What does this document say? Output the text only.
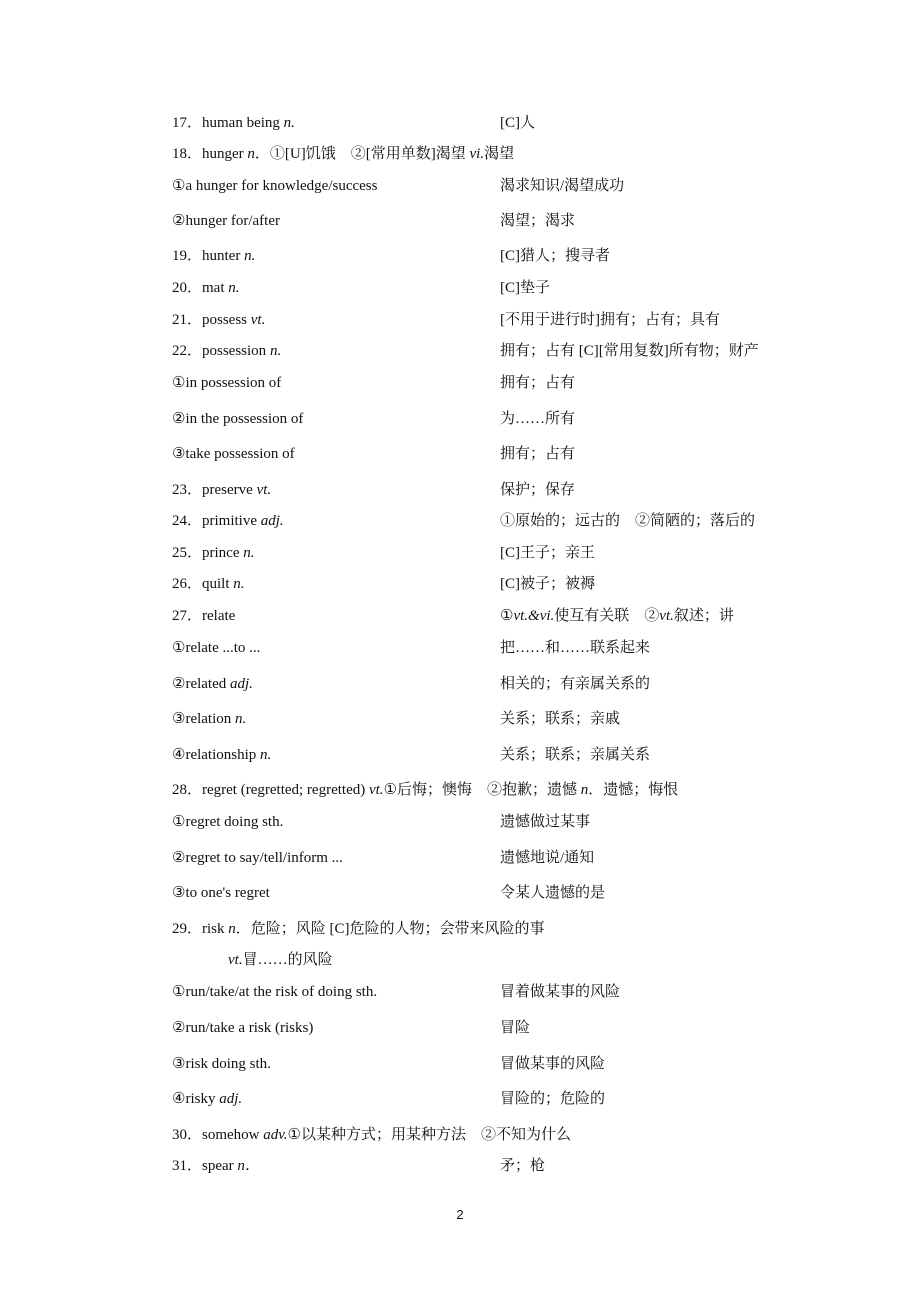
17．human being n.	[C]人
18．hunger n．①[U]饥饿　②[常用单数]渴望 vi.渴望
①a hunger for knowledge/success	渴求知识/渴望成功
②hunger for/after	渴望；渴求
19．hunter n.	[C]猎人；搜寻者
20．mat n.	[C]垫子
21．possess vt.	[不用于进行时]拥有；占有；具有
22．possession n.	拥有；占有 [C][常用复数]所有物；财产
①in possession of	拥有；占有
②in the possession of	为……所有
③take possession of	拥有；占有
23．preserve vt.	保护；保存
24．primitive adj.	①原始的；远古的　②简陋的；落后的
25．prince n.	[C]王子；亲王
26．quilt n.	[C]被子；被褥
27．relate	①vt.&vi.使互有关联　②vt.叙述；讲
①relate ...to ...	把……和……联系起来
②related adj.	相关的；有亲属关系的
③relation n.	关系；联系；亲戚
④relationship n.	关系；联系；亲属关系
28．regret (regretted; regretted) vt.①后悔；懊悔　②抱歉；遗憾 n．遗憾；悔恨
①regret doing sth.	遗憾做过某事
②regret to say/tell/inform ...	遗憾地说/通知
③to one's regret	令某人遗憾的是
29．risk n．危险；风险 [C]危险的人物；会带来风险的事
vt.冒……的风险
①run/take/at the risk of doing sth.	冒着做某事的风险
②run/take a risk (risks)	冒险
③risk doing sth.	冒做某事的风险
④risky adj.	冒险的；危险的
30．somehow adv.①以某种方式；用某种方法　②不知为什么
31．spear n．	矛；枪
2
